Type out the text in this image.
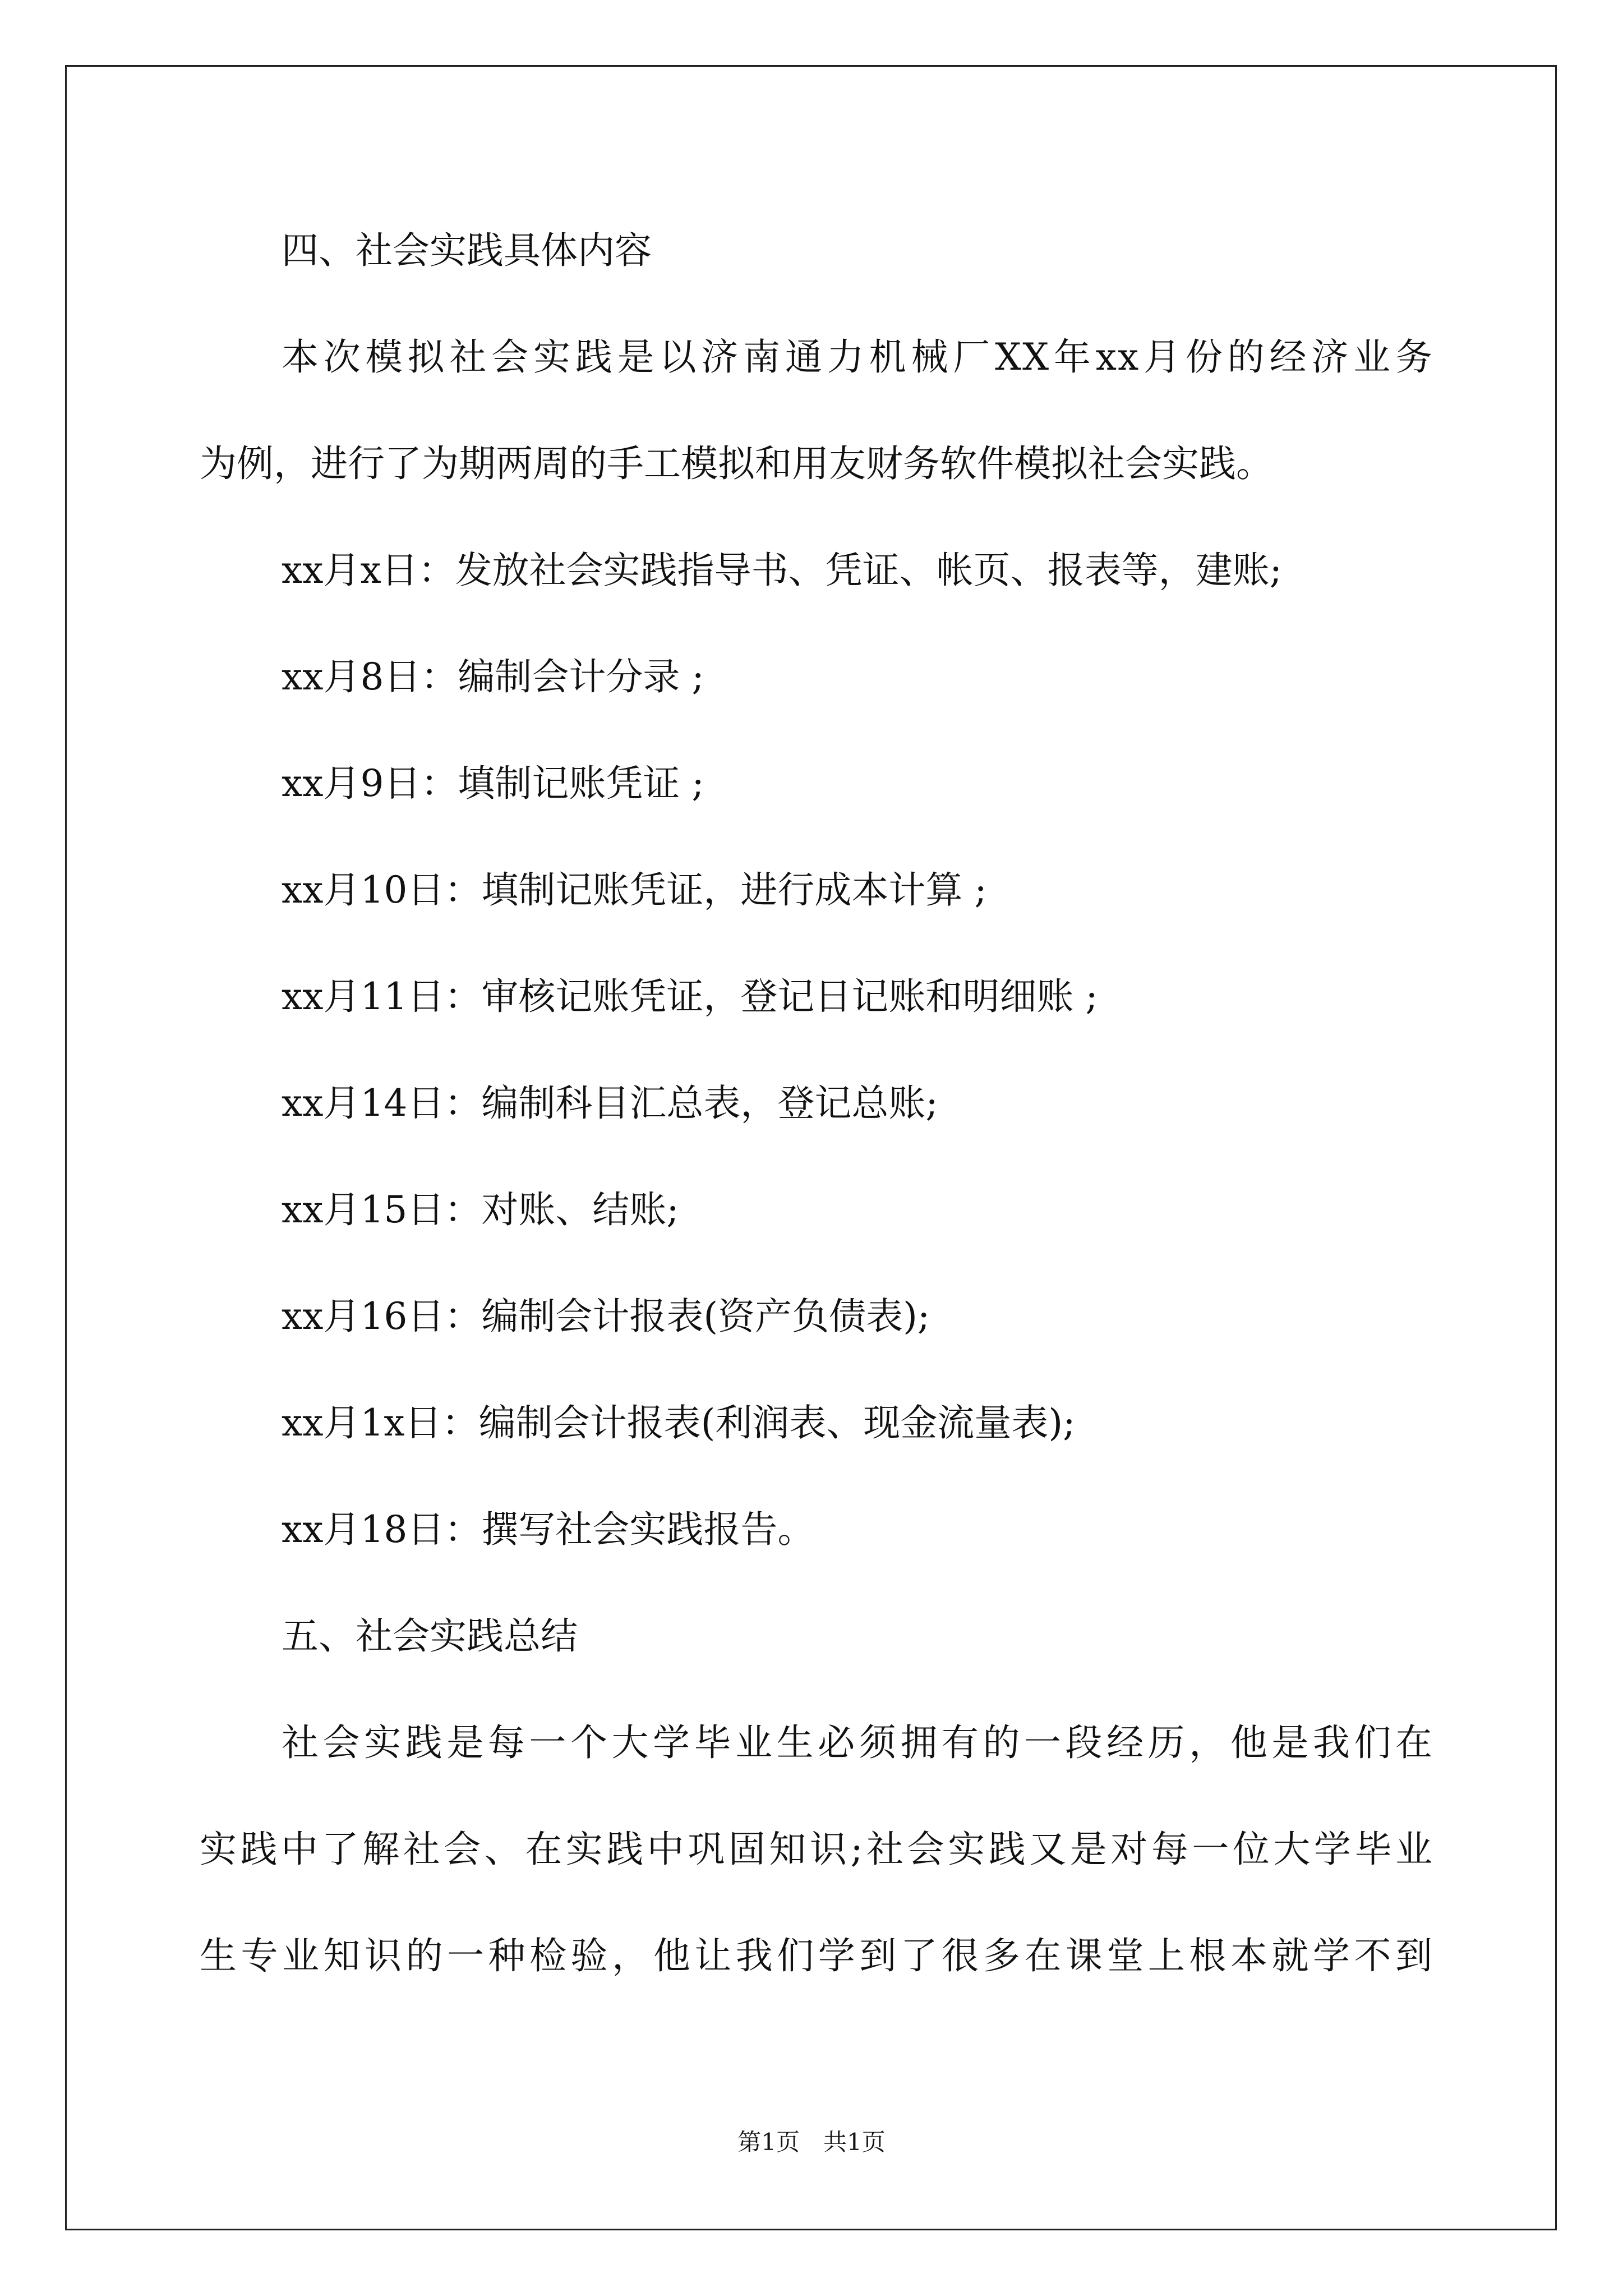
四、社会实践具体内容
本次模拟社会实践是以济南通力机械厂XX年xx月份的经济业务
为例，进行了为期两周的手工模拟和用友财务软件模拟社会实践。
xx月x日：发放社会实践指导书、凭证、帐页、报表等，建账;
xx月8日：编制会计分录 ;
xx月9日：填制记账凭证 ;
xx月10日：填制记账凭证，进行成本计算 ;
xx月11日：审核记账凭证，登记日记账和明细账 ;
xx月14日：编制科目汇总表，登记总账;
xx月15日：对账、结账;
xx月16日：编制会计报表(资产负债表);
xx月1x日：编制会计报表(利润表、现金流量表);
xx月18日：撰写社会实践报告。
五、社会实践总结
社会实践是每一个大学毕业生必须拥有的一段经历，他是我们在
实践中了解社会、在实践中巩固知识;社会实践又是对每一位大学毕业
生专业知识的一种检验，他让我们学到了很多在课堂上根本就学不到
第1页　共1页
